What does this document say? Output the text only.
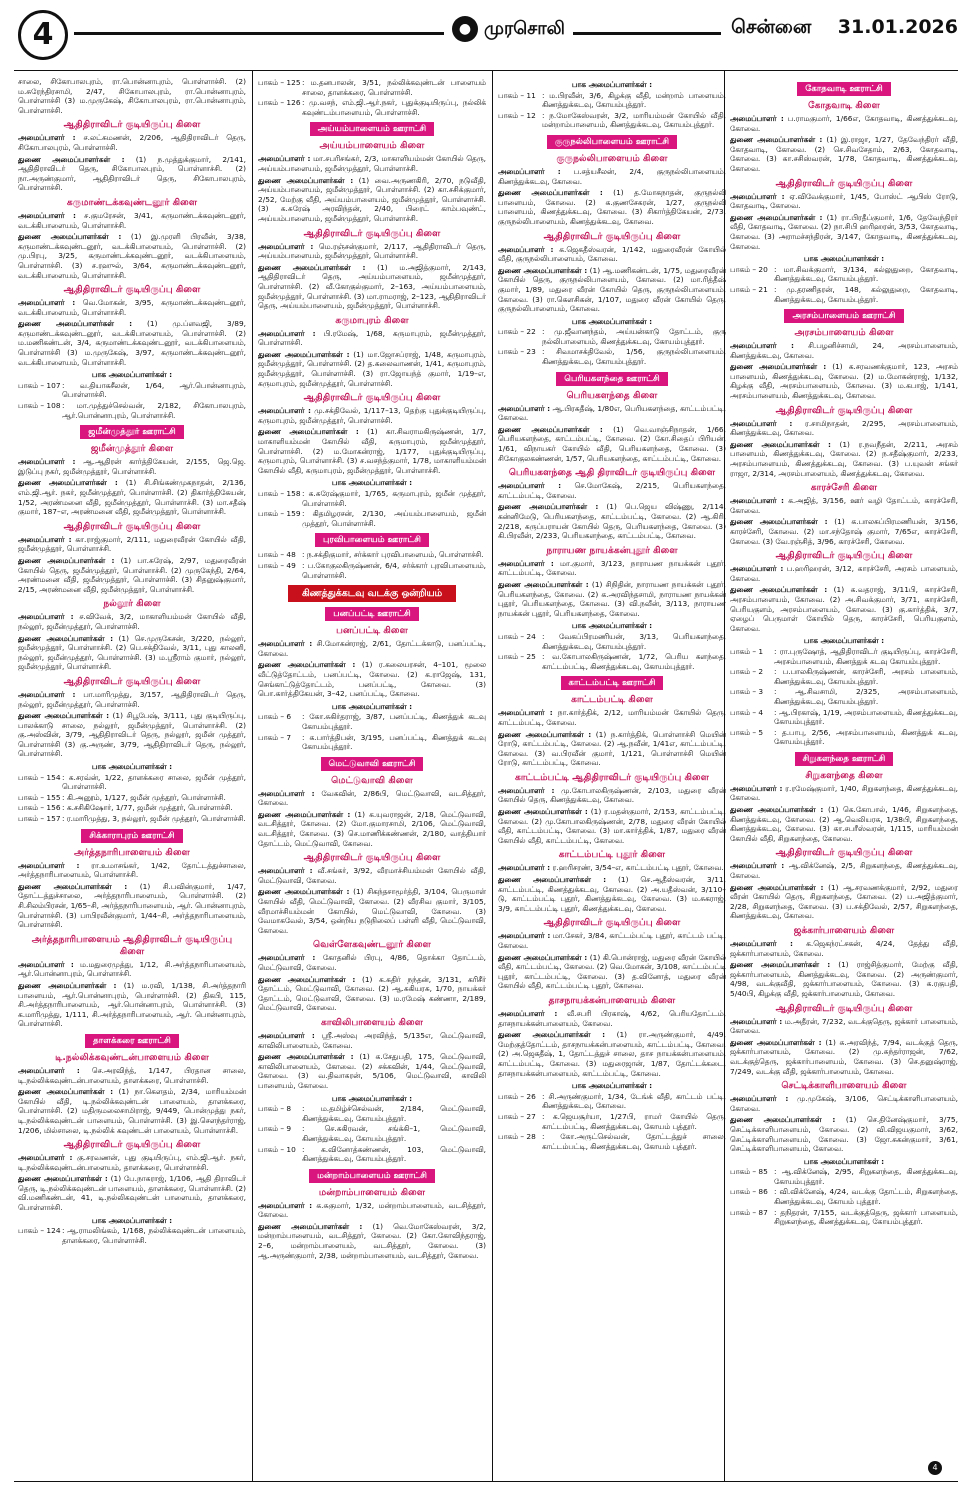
4	● முரசொலி	சென்னை 31.01.2026
சாலை, சிகோபாலபுரம், ரா.பொன்னாபுரம், பொள்ளாச்சி. (2) ம.சுரேந்திரசாமி, 2/47, சிகோபாலபுரம், ரா.பொன்னாபுரம், பொள்ளாச்சி (3) ம.முருகேஷ், சிகோபாலபுரம், ரா.பொன்னாபுரம், பொள்ளாச்சி.
ஆதிதிராவிடர் குடியிருப்பு கிளை
அமைப்பாளர் : ச.லட்சுமணன், 2/206, ஆதிதிராவிடர் தெரு, சிகோபாலபுரம், பொள்ளாச்சி.
துணை அமைப்பாளர்கள் : (1) ந.முத்துக்குமார், 2/141, ஆதிதிராவிடர் தெரு, சிகோபாலபுரம், பொள்ளாச்சி. (2) நா.அருண்குமார், ஆதிதிராவிடர் தெரு, சிகோபாலபுரம், பொள்ளாச்சி.
கருமாண்டக்கவுண்டனூர் கிளை
அமைப்பாளர் : ச.குமரேசன், 3/41, கருமாண்டக்கவுண்டனூர், வடக்கிபாளையம், பொள்ளாச்சி.
துணை அமைப்பாளர்கள் : (1) இ.முரளி பிரவீன், 3/38, கருமாண்டக்கவுண்டனூர், வடக்கிபாளையம், பொள்ளாச்சி. (2) மு.பிரபு, 3/25, கருமாண்டக்கவுண்டனூர், வடக்கிபாளையம், பொள்ளாச்சி. (3) ச.ரஹுல், 3/64, கருமாண்டக்கவுண்டனூர், வடக்கிபாளையம், பொள்ளாச்சி.
ஆதிதிராவிடர் குடியிருப்பு கிளை
அமைப்பாளர் : வெ.மோகன், 3/95, கருமாண்டக்கவுண்டனூர், வடக்கிபாளையம், பொள்ளாச்சி.
துணை அமைப்பாளர்கள் : (1) மு.ப்ளவஜி, 3/89, கருமாண்டக்கவுண்டனூர், வடக்கிபாளையம், பொள்ளாச்சி. (2) ம.மணிகண்டன், 3/4, கருமாண்டக்கவுண்டனூர், வடக்கிபாளையம், பொள்ளாச்சி (3) ம.முருகேஷ், 3/97, கருமாண்டக்கவுண்டனூர், வடக்கிபாளையம், பொள்ளாச்சி.
பாக அமைப்பாளர்கள் :
பாகம் – 107 : வ.தியாகசீலன், 1/64, ஆர்.பொன்னாபுரம், பொள்ளாச்சி.
பாகம் – 108 : மா.முத்துச்செல்வன், 2/182, சிகோபாலபுரம், ஆர்.பொன்னாபுரம், பொள்ளாச்சி.
ஜமீன்முத்தூர் ஊராட்சி
ஜமீன்முத்தூர் கிளை
அமைப்பாளர் : ஆ.ஆதிரன் கார்த்திகேயன், 2/155, ஜெ.ஜெ. இடுப்பு நகர், ஜமீன்முத்தூர், பொள்ளாச்சி.
துணை அமைப்பாளர்கள் : (1) சி.சிங்கண்முகநாதன், 2/136, எம்.ஜி.ஆர். நகர், ஜமீன்முத்தூர், பொள்ளாச்சி. (2) திகார்த்திகேயன், 1/52, அரண்மனை வீதி, ஜமீன்முத்தூர், பொள்ளாச்சி. (3) மா.சதீஷ் குமார், 187–எ, அரண்மனை வீதி, ஜமீன்முத்தூர், பொள்ளாச்சி.
ஆதிதிராவிடர் குடியிருப்பு கிளை
அமைப்பாளர் : கா.ராஜ்குமார், 2/111, மதுரைவீரன் கோயில் வீதி, ஜமீன்முத்தூர், பொள்ளாச்சி.
துணை அமைப்பாளர்கள் : (1) பா.சுரேஷ், 2/97, மதுரைவீரன் கோயில் தெரு, ஜமீன்முத்தூர், பொள்ளாச்சி. (2) முருகேந்தி, 2/64, அரண்மனை வீதி, ஜமீன்முத்தூர், பொள்ளாச்சி. (3) சிதனுஷ்குமார், 2/15, அரண்மனை வீதி, ஜமீன்முத்தூர், பொள்ளாச்சி.
நல்லூர் கிளை
அமைப்பாளர் : ச.விவேக், 3/2, மாகாளியம்மன் கோயில் வீதி, நல்லூர், ஜமீன்முத்தூர், பொள்ளாச்சி.
துணை அமைப்பாளர்கள் : (1) செ.முருகேசன், 3/220, நல்லூர், ஜமீன்முத்தூர், பொள்ளாச்சி. (2) பெ.சக்திவேல், 3/11, புது காலனி, நல்லூர், ஜமீன்முத்தூர், பொள்ளாச்சி. (3) ம.ஸ்ரீராம் குமார், நல்லூர், ஜமீன்முத்தூர், பொள்ளாச்சி.
ஆதிதிராவிடர் குடியிருப்பு கிளை
அமைப்பாளர் : பா.மாரிமுத்து, 3/157, ஆதிதிராவிடர் தெரு, நல்லூர், ஜமீன்முத்தூர், பொள்ளாச்சி.
துணை அமைப்பாளர்கள் : (1) சிபூபேஷ், 3/111, புது குடியிருப்பு, பாலக்காடு சாலை, நல்லூர், ஜமீன்முத்தூர், பொள்ளாச்சி. (2) கு.அஸ்வின், 3/79, ஆதிதிராவிடர் தெரு, நல்லூர், ஜமீன் முத்தூர், பொள்ளாச்சி (3) கு.அருண், 3/79, ஆதிதிராவிடர் தெரு, நல்லூர், பொள்ளாச்சி.
பாக அமைப்பாளர்கள் :
பாகம் – 154 : க.சரவ்ன், 1/22, தாளக்கரை சாலை, ஜமீன் முத்தூர், பொள்ளாச்சி.
பாகம் – 155 : கி.அனூம், 1/127, ஜமீன் முத்தூர், பொள்ளாச்சி.
பாகம் – 156 : க.சசிகிஷோர், 1/77, ஜமீன் முத்தூர், பொள்ளாச்சி.
பாகம் – 157 : ர.மாரிமுத்து, 3, நல்லூர், ஜமீன் முத்தூர், பொள்ளாச்சி.
சிக்காராபுரம் ஊராட்சி
அர்த்தநாரிபாளையம் கிளை
அமைப்பாளர் : ரா.உமாசங்கர், 1/42, தோட்டத்துச்சாலை, அர்த்தநாரிபாளையம், பொள்ளாச்சி.
துணை அமைப்பாளர்கள் : (1) சி.பவின்குமார், 1/47, தோட்டத்துச்சாலை, அர்த்தநாரிபாளையம், பொள்ளாச்சி. (2) சி.சிலம்பிரசன், 1/65–சி, அர்த்தநாரிபாளையம், ஆர். பொன்னாபுரம், பொள்ளாச்சி. (3) பாபிரவீன்குமார், 1/44–சி, அர்த்தநாரிபாளையம், பொள்ளாச்சி.
அர்த்தநாரிபாளையம் ஆதிதிராவிடர் குடியிருப்பு கிளை
அமைப்பாளர் : ம.மதுரைமுத்து, 1/12, சி.அர்த்தநாரிபாளையம், ஆர்.பொன்னாபுரம், பொள்ளாச்சி.
துணை அமைப்பாளர்கள் : (1) ம.ரவி, 1/138, சி.அர்த்தநாரி பாளையம், ஆர்.பொன்னாபுரம், பொள்ளாச்சி. (2) திகபி, 115, சி.அர்த்தநாரிபாளையம், ஆர்.பொன்னாபுரம், பொள்ளாச்சி. (3) க.மாரிமுத்து, 1/111, சி.அர்த்தநாரிபாளையம், ஆர். பொன்னாபுரம், பொள்ளாச்சி.
தாளக்கரை ஊராட்சி
டி.நல்லிக்கவுண்டன்பாளையம் கிளை
அமைப்பாளர் : செ.அரவிந்த், 1/147, பிரதான சாலை, டி.நல்லிக்கவுண்டன்பாளையம், தாளக்கரை, பொள்ளாச்சி.
துணை அமைப்பாளர்கள் : (1) நா.கௌதம், 2/34, மாரியம்மன் கோயில் வீதி, டி.நல்லிக்கவுண்டன் பாளையம், தாளக்கரை, பொள்ளாச்சி. (2) மதிருமலைசாமிராஜ், 9/449, பொன்முத்து நகர், டி.நல்லிக்கவுண்டன் பாளையம், பொள்ளாச்சி. (3) இ.சௌந்தர்ராஜ், 1/206, மில்சாலை, டி.நல்லிக் கவுண்டன் பாளையம், பொள்ளாச்சி.
ஆதிதிராவிடர் குடியிருப்பு கிளை
அமைப்பாளர் : கு.சரவணன், புது குடியிருப்பு, எம்.ஜி.ஆர். நகர், டி.நல்லிக்கவுண்டன்பாளையம், தாளக்கரை, பொள்ளாச்சி.
துணை அமைப்பாளர்கள் : (1) பே.நாகராஜ், 1/106, ஆதி திராவிடர் தெரு, டி.நல்லிக்கவுண்டன் பாளையம், தாளக்கரை, பொள்ளாச்சி. (2) வி.மணிகண்டன், 41, டி.நல்லிகவுண்டன் பாளையம், தாளக்கரை, பொள்ளாச்சி.
பாக அமைப்பாளர்கள் :
பாகம் – 124 : ஆ.ராமலிங்கம், 1/168, நல்லிக்கவுண்டன் பாளையம், தாளக்கரை, பொள்ளாச்சி.
பாகம் – 125 : ம.தனபாலன், 3/51, நல்லிக்கவுண்டன் பாளையம் சாலை, தாளக்கரை, பொள்ளாச்சி.
பாகம் – 126 : மு.வசந், எம்.ஜி.ஆர்.நகர், புதுக்குடியிருப்பு, நல்லிக் கவுண்டம்பாளையம், பொள்ளாச்சி.
அய்யம்பாளையம் ஊராட்சி
அய்யம்பாளையம் கிளை
அமைப்பாளர் : மா.சபரிசங்கர், 2/3, மாகாளியம்மன் கோயில் தெரு, அய்யம்பாளையம், ஜமீன்முத்தூர், பொள்ளாச்சி.
துணை அமைப்பாளர்கள் : (1) வை.அருணகிரி, 2/70, நடுவீதி, அய்யம்பாளையம், ஜமீன்முத்தூர், பொள்ளாச்சி. (2) கா.சசிக்குமார், 2/52, மேற்கு வீதி, அய்யம்பாளையம், ஜமீன்முத்தூர், பொள்ளாச்சி. (3) க.சுரேஷ் அரவிந்தன், 2/40, பிரைட் காம்பவுண்ட், அய்யம்பாளையம், ஜமீன்முத்தூர், பொள்ளாச்சி.
ஆதிதிராவிடர் குடியிருப்பு கிளை
அமைப்பாளர் : மெ.ரஞ்சன்குமார், 2/117, ஆதிதிராவிடர் தெரு, அய்யம்பாளையம், ஜமீன்முத்தூர், பொள்ளாச்சி.
துணை அமைப்பாளர்கள் : (1) ம.அஜித்குமார், 2/143, ஆதிதிராவிடர் தெரு, அய்யம்பாளையம், ஜமீன்முத்தூர், பொள்ளாச்சி. (2) வீ.கோகுல்குமார், 2–163, அய்யம்பாளையம், ஜமீன்முத்தூர், பொள்ளாச்சி. (3) மா.ராமராஜ், 2–123, ஆதிதிராவிடர் தெரு, அய்யம்பாளையம், ஜமீன்முத்தூர், பொள்ளாச்சி.
கருமாபுரம் கிளை
அமைப்பாளர் : பி.ரமேஷ், 1/68, கருமாபுரம், ஜமீன்முத்தூர், பொள்ளாச்சி.
துணை அமைப்பாளர்கள் : (1) மா.ஜோசப்ராஜ், 1/48, கருமாபுரம், ஜமீன்முத்தூர், பொள்ளாச்சி. (2) த.கலைவாணன், 1/41, கருமாபுரம், ஜமீன்முத்தூர், பொள்ளாச்சி. (3) ரா.ஜோயந்த் குமார், 1/19–எ, கருமாபுரம், ஜமீன்முத்தூர், பொள்ளாச்சி.
ஆதிதிராவிடர் குடியிருப்பு கிளை
அமைப்பாளர் : மு.சக்திவேல், 1/117–13, தெற்கு புதுக்குடியிருப்பு, கருமாபுரம், ஜமீன்முத்தூர், பொள்ளாச்சி.
துணை அமைப்பாளர்கள் : (1) கா.சிவராமகிருஷ்ணன், 1/7, மாகாளியம்மன் கோயில் வீதி, கருமாபுரம், ஜமீன்முத்தூர், பொள்ளாச்சி. (2) ம.மோகன்ராஜ், 1/177, புதுக்குடியிருப்பு, கருமாபுரம், பொள்ளாச்சி. (3) ச.வசந்த்குமார், 1/78, மாகாளியம்மன் கோயில் வீதி, கருமாபுரம், ஜமீன்முத்தூர், பொள்ளாச்சி.
பாக அமைப்பாளர்கள் :
பாகம் – 158 : க.சுரேஷ்குமார், 1/765, கருமாபுரம், ஜமீன் முத்தூர், பொள்ளாச்சி.
பாகம் – 159 : கிதமிழரசன், 2/130, அய்யம்பாளையம், ஜமீன் முத்தூர், பொள்ளாச்சி.
புரவிபாளையம் ஊராட்சி
பாகம் – 48 : ந.சக்திகுமார், சர்க்கார் புரவிபாளையம், பொள்ளாச்சி.
பாகம் – 49 : ப.கோகுலகிருஷ்ணன், 6/4, சர்க்கார் புரவிபாளையம், பொள்ளாச்சி.
கிணத்துக்கடவு வடக்கு ஒன்றியம்
பனப்பட்டி ஊராட்சி
பனப்பட்டி கிளை
அமைப்பாளர் : சி.மோகன்ராஜ், 2/61, தோட்டக்காடு, பனப்பட்டி, கோவை.
துணை அமைப்பாளர்கள் : (1) ர.கலையரசன், 4–101, மூலை வீட்டுத்தோட்டம், பனப்பட்டி, கோவை. (2) க.ராஜேஷ், 131, செங்காட்டுத்தோட்டம், பனப்பட்டி, கோவை. (3) பொ.கார்த்திகேயன், 3–42, பனப்பட்டி, கோவை.
பாக அமைப்பாளர்கள் :
பாகம் – 6	: கோ.சுகிர்தராஜ், 3/87, பனப்பட்டி, கிணத்துக் கடவு கோயம்புத்தூர்.
பாகம் – 7	: க.பார்த்திபன், 3/195, பனப்பட்டி, கிணத்துக் கடவு கோயம்புத்தூர்.
மெட்டுவாவி ஊராட்சி
மெட்டுவாவி கிளை
அமைப்பாளர் : வேகவின், 2/86பி, மெட்டுவாவி, வடசித்தூர், கோவை.
துணை அமைப்பாளர்கள் : (1) க.யுவராஜன், 2/18, மெட்டுவாவி, வடசித்தூர், கோவை. (2) மோ.குமாரசாமி, 2/106, மெட்டுவாவி, வடசித்தூர், கோவை. (3) செ.மாணிக்கண்ணன், 2/180, வாத்தியார் தோட்டம், மெட்டுவாவி, கோவை.
ஆதிதிராவிடர் குடியிருப்பு கிளை
அமைப்பாளர் : வீ.சங்கர், 3/92, வீரமாச்சியம்மன் கோயில் வீதி, மெட்டுவாவி, கோவை.
துணை அமைப்பாளர்கள் : (1) சிகந்தசாமூர்த்தி, 3/104, பெருமாள் கோயில் வீதி, மெட்டுவாவி, கோவை. (2) வீரசிவ குமார், 3/105, வீரமாச்சியம்மன் கோயில், மெட்டுவாவி, கோவை. (3) வேமாகவேல், 3/54, ஒன்றிய நடுநிலைப் பள்ளி வீதி, மெட்டுவாவி, கோவை.
வெள்ளேகவுண்டனூர் கிளை
அமைப்பாளர் : கோதனில் பிரபு, 4/86, தொக்கா தோட்டம், மெட்டுவாவி, கோவை.
துணை அமைப்பாளர்கள் : (1) க.கதிர் நந்தன், 3/131, கரிசீர் தோட்டம், மெட்டுவாவி, கோவை. (2) ஆ.சுகியரசு, 1/70, நாயக்கர் தோட்டம், மெட்டுவாவி, கோவை. (3) ம.ரமேஷ் கண்ணா, 2/189, மெட்டுவாவி, கோவை.
காவிலிபாளையம் கிளை
அமைப்பாளர் : ஸ்ரீ.அஸ்வு அரவிந்த், 5/135எ, மெட்டுவாவி, காவிலிபாளையம், கோவை.
துணை அமைப்பாளர்கள் : (1) க.சேதுபதி, 175, மெட்டுவாவி, காவிலிபாளையம், கோவை. (2) சக்கவின், 1/44, மெட்டுவாவி, கோவை. (3) வ.திவாகரன், 5/106, மெட்டுவாவி, காவிலி பாளையம், கோவை.
பாக அமைப்பாளர்கள் :
பாகம் – 8	: ம.தமிழ்ச்செல்வன், 2/184, மெட்டுவாவி, கிணத்துக்கடவு, கோயம்புத்தூர்.
பாகம் – 9	: செ.சுகிரவன், சங்க்கி–1, மெட்டுவாவி, கிணத்துக்கடவு, கோயம்புத்தூர்.
பாகம் – 10 : க.வினோத்கண்ணன், 103, மெட்டுவாவி, கிணத்துக்கடவு, கோயம்புத்தூர்.
மன்றாம்பாளையம் ஊராட்சி
மன்றாம்பாளையம் கிளை
அமைப்பாளர் : க.சுகுமார், 1/32, மன்றாம்பாளையம், வடசித்தூர், கோவை.
துணை அமைப்பாளர்கள் : (1) வெ.மோகேஸ்வரன், 3/2, மன்றாம்பாளையம், வடசித்தூர், கோவை. (2) கோ.கோவிந்தராஜ், 2–6, மன்றாம்பாளையம், வடசித்தூர், கோவை. (3) ஆ.அருண்குமார், 2/38, மன்றாம்பாளையம், வடசித்தூர், கோவை.
பாக அமைப்பாளர்கள் :
பாகம் – 11 : ம.பிரவீன், 3/6, கிழக்கு வீதி, மன்றாம் பாளையம், கிணத்துக்கடவு, கோயம்புத்தூர்.
பாகம் – 12 : ந.மோகேஸ்வரன், 3/2, மாரியம்மன் கோயில் வீதி, மன்றாம்பாளையம், கிணத்துக்கடவு, கோயம்புத்தூர்.
குருநல்லிபாளையம் ஊராட்சி
குருநல்லிபாளையம் கிளை
அமைப்பாளர் : ப.சத்யசீலன், 2/4, குருநல்லிபாளையம், கிணத்துக்கடவு, கோவை.
துணை அமைப்பாளர்கள் : (1) த.மோகநாதன், குருநல்லி பாளையம், கோவை. (2) க.குணசேகரன், 1/27, குருநல்லி பாளையம், கிணத்துக்கடவு, கோவை. (3) சிகார்த்திகேயன், 2/73, குருநல்லிபாளையம், கிணத்துக்கடவு, கோவை.
ஆதிதிராவிடர் குடியிருப்பு கிளை
அமைப்பாளர் : க.ஜெகதீஸ்வரன், 1/142, மதுரைவீரன் கோயில் வீதி, குருநல்லிபாளையம், கோவை.
துணை அமைப்பாளர்கள் : (1) ஆ.மணிகண்டன், 1/75, மதுரைவீரன் கோயில் தெரு, குருநல்லிபாளையம், கோவை. (2) மா.ரித்தீஷ் குமார், 1/89, மதுரை வீரன் கோயில் தெரு, குருநல்லிபாளையம், கோவை. (3) ரா.கௌசிகன், 1/107, மதுரை வீரன் கோயில் தெரு, குருநல்லிபாளையம், கோவை.
பாக அமைப்பாளர்கள் :
பாகம் – 22 : மு.ஜீவானந்தம், அய்யன்காடு தோட்டம், குரு நல்லிபாளையம், கிணத்துக்கடவு, கோயம்புத்தூர்.
பாகம் – 23 : சிவமாசக்திவேல், 1/56, குருநல்லிபாளையம், கிணத்துக்கடவு, கோயம்புத்தூர்.
பெரியகளந்தை ஊராட்சி
பெரியகளந்தை கிளை
அமைப்பாளர் : ஆ.பிரகதீஷ், 1/80எ, பெரியகளந்தை, காட்டம்பட்டி, கோவை.
துணை அமைப்பாளர்கள் : (1) வெ.வாஞ்சிநாதன், 1/66, பெரியகளந்தை, காட்டம்பட்டி, கோவை. (2) கோ.சிதைப் பிரியன், 1/61, விநாயகர் கோயில் வீதி, பெரியகளந்தை, கோவை. (3) சிகோகுலகண்ணன், 1/57, பெரியகளந்தை, காட்டம்பட்டி, கோவை.
பெரியகளந்தை ஆதி திராவிடர் குடியிருப்பு கிளை
அமைப்பாளர் : செ.மோகேஷ், 2/215, பெரியகளந்தை, காட்டம்பட்டி, கோவை.
துணை அமைப்பாளர்கள் : (1) பெ.ஜெய விஷ்ணு, 2/114, கன்னிமேடு, பெரியகளந்தை, காட்டம்பட்டி, கோவை. (2) ஆ.கிரி, 2/218, கருப்பராயன் கோயில் தெரு, பெரியகளந்தை, கோவை. (3) கி.பிரவீன், 2/233, பெரியகளந்தை, காட்டம்பட்டி, கோவை.
நாராயண நாயக்கன்புதூர் கிளை
அமைப்பாளர் : மா.குமார், 3/123, நாராயண நாயக்கன் புதூர், காட்டம்பட்டி, கோவை.
துணை அமைப்பாளர்கள் : (1) சிநிதின், நாராயண நாயக்கன் புதூர், பெரியகளந்தை, கோவை. (2) க.அரவிந்தசாமி, நாராயண நாயக்கன் புதூர், பெரியகளந்தை, கோவை. (3) வி.நவீன், 3/113, நாராயண நாயக்கன் புதூர், பெரியகளந்தை, கோவை.
பாக அமைப்பாளர்கள் :
பாகம் – 24 : வேகப்பிரமணியன், 3/13, பெரியகளந்தை, கிணத்துக்கடவு, கோயம்புத்தூர்.
பாகம் – 25 : வ.கோபாலகிருஷ்ணன், 1/72, பெரிய களந்தை, காட்டம்பட்டி, கிணத்துக்கடவு, கோயம்புத்தூர்.
காட்டம்பட்டி ஊராட்சி
காட்டம்பட்டி கிளை
அமைப்பாளர் : நா.கார்த்திக், 2/12, மாரியம்மன் கோயில் தெரு, காட்டம்பட்டி, கோவை.
துணை அமைப்பாளர்கள் : (1) ந.கார்த்திக், பொள்ளாச்சி மெயின் ரோடு, காட்டம்பட்டி, கோவை. (2) ஆ.நவீன், 1/41எ, காட்டம்பட்டி, கோவை. (3) வ.பிரவீன் குமார், 1/121, பொள்ளாச்சி மெயின் ரோடு, காட்டம்பட்டி, கோவை.
காட்டம்பட்டி ஆதிதிராவிடர் குடியிருப்பு கிளை
அமைப்பாளர் : மு.கோபாலகிருஷ்ணன், 2/103, மதுரை வீரன் கோயில் தெரு, கிணத்துக்கடவு, கோவை.
துணை அமைப்பாளர்கள் : (1) ர.மதன்குமார், 2/153, காட்டம்பட்டி, கோவை. (2) மு.கோபாலகிருஷ்ணன், 2/78, மதுரை வீரன் கோயில் வீதி, காட்டம்பட்டி, கோவை. (3) மா.கார்த்திக், 1/87, மதுரை வீரன் கோயில் வீதி, காட்டம்பட்டி, கோவை.
காட்டம்பட்டி புதூர் கிளை
அமைப்பாளர் : ர.ஹரிசரண், 3/54–எ, காட்டம்பட்டி புதூர், கோவை.
துணை அமைப்பாளர்கள் : (1) செ.ஆதீஸ்வரன், 3/11, காட்டம்பட்டி, கிணத்துக்கடவு, கோவை. (2) அ.யதீஸ்வன், 3/110–டு, காட்டம்பட்டி புதூர், கிணத்துக்கடவு, கோவை. (3) ம.சுகராஜ், 3/9, காட்டம்பட்டி புதூர், கிணத்துக்கடவு, கோவை.
ஆதிதிராவிடர் குடியிருப்பு கிளை
அமைப்பாளர் : மா.சேகர், 3/84, காட்டம்பட்டி புதூர், காட்டம் பட்டி, கோவை.
துணை அமைப்பாளர்கள் : (1) கி.பொன்ராஜ், மதுரை வீரன் கோயில் வீதி, காட்டம்பட்டி, கோவை. (2) வெ.மோகன், 3/108, காட்டம்பட்டி புதூர், காட்டம்பட்டி, கோவை. (3) த.வினோத், மதுரை வீரன் கோயில் வீதி, காட்டம்பட்டி புதூர், கோவை.
தாசநாயக்கன்பாளையம் கிளை
அமைப்பாளர் : வீ.சபரி பிரகாஷ், 4/62, பெரியதோட்டம், தாசநாயக்கன்பாளையம், கோவை.
துணை அமைப்பாளர்கள் : (1) ரா.அருண்குமார், 4/49, மேற்குத்தோட்டம், தாசநாயக்கன்பாளையம், காட்டம்பட்டி, கோவை. (2) அ.ஜெகதீஷ், 1, தோட்டத்துச் சாலை, தாச நாயக்கன்பாளையம், காட்டம்பட்டி, கோவை. (3) மதுரைஜான், 1/87, தோட்டக்கடை, தாசநாயக்கன்பாளையம், காட்டம்பட்டி, கோவை.
பாக அமைப்பாளர்கள் :
பாகம் – 26 : சி.அருண்குமார், 1/34, டேங்க் வீதி, காட்டம் பட்டி, கிணத்துக்கடவு, கோவை.
பாகம் – 27 : க.ஜெயசூர்யா, 1/27பி, ராமர் கோயில் தெரு, காட்டம்பட்டி, கிணத்துக்கடவு, கோயம் புத்தூர்.
பாகம் – 28 : கோ.அருட்செல்வன், தோட்டத்துச் சாலை, காட்டம்பட்டி, கிணத்துக்கடவு, கோயம் புத்தூர்.
கோதவாடி ஊராட்சி
கோதவாடி கிளை
அமைப்பாளர் : ப.ராமகுமார், 1/66எ, கோதவாடி, கிணத்துக்கடவு, கோவை.
துணை அமைப்பாளர்கள் : (1) இ.ராஜா, 1/27, தேவேந்திரர் வீதி, கோதவாடி, கோவை. (2) செ.சிவசேதாம், 2/63, கோதவாடி, கோவை. (3) கா.சசிஸ்வரன், 1/78, கோதவாடி, கிணத்துக்கடவு, கோவை.
ஆதிதிராவிடர் குடியிருப்பு கிளை
அமைப்பாளர் : ஏ.விவேக்குமார், 1/45, போஸ்ட் ஆபிஸ் ரோடு, கோதவாடி, கோவை.
துணை அமைப்பாளர்கள் : (1) ரா.பிரதீப்குமார், 1/6, தேவேந்திரர் வீதி, கோதவாடி, கோவை. (2) நா.சிபி ஹரிஹரன், 3/53, கோதவாடி, கோவை. (3) அராமச்சந்திரன், 3/147, கோதவாடி, கிணத்துக்கடவு, கோவை.
பாக அமைப்பாளர்கள் :
பாகம் – 20 : மா.சிவக்குமார், 3/134, கல்லுதுறை, கோதவாடி, கிணத்துக்கடவு, கோயம்புத்தூர்.
பாகம் – 21 : மு.தரணிதரன், 148, கல்லுதுறை, கோதவாடி, கிணத்துக்கடவு, கோயம்புத்தூர்.
அரசம்பாளையம் ஊராட்சி
அரசம்பாளையம் கிளை
அமைப்பாளர் : சி.பழனிச்சாமி, 24, அரசம்பாளையம், கிணத்துக்கடவு, கோவை.
துணை அமைப்பாளர்கள் : (1) க.சரவணக்குமார், 123, அரசம் பாளையம், கிணத்துக்கடவு, கோவை. (2) ம.மோகன்ராஜ், 1/132, கிழக்கு வீதி, அரசம்பாளையம், கோவை. (3) ம.கபாஜ், 1/141, அரசம்பாளையம், கிணத்துக்கடவு, கோவை.
ஆதிதிராவிடர் குடியிருப்பு கிளை
அமைப்பாளர் : ர.சாமிநாதன், 2/295, அரசம்பாளையம், கிணத்துக்கடவு, கோவை.
துணை அமைப்பாளர்கள் : (1) ர.நவநீதன், 2/211, அரசம் பாளையம், கிணத்துக்கடவு, கோவை. (2) ந.சதீஷ்குமார், 2/233, அரசம்பாளையம், கிணத்துக்கடவு, கோவை. (3) ப.யுவன் சங்கர் ராஜா, 2/314, அரசம்பாளையம், கிணத்துக்கடவு, கோவை.
காரச்சேரி கிளை
அமைப்பாளர் : க.அஜித், 3/156, ஊர் வழி தோட்டம், காரச்சேரி, கோவை.
துணை அமைப்பாளர்கள் : (1) க.பாலசுப்பிரமணியன், 3/156, காரச்சேரி, கோவை. (2) மா.சந்தோஷ் குமார், 7/65எ, காரச்சேரி, கோவை. (3) வே.ரஞ்சித், 3/96, காரச்சேரி, கோவை.
ஆதிதிராவிடர் குடியிருப்பு கிளை
அமைப்பாளர் : ப.ஹரிஹரன், 3/12, காரச்சேரி, அரசம் பாளையம், கோவை.
துணை அமைப்பாளர்கள் : (1) க.வதராஜ், 3/11பி, காரச்சேரி, அரசம்பாளையம், கோவை. (2) அ.சிவக்குமார், 3/71, காரச்சேரி, பெரியகுளம், அரசம்பாளையம், கோவை. (3) கு.கார்த்திக், 3/7, ஏழைப் பெருமாள் கோயில் தெரு, காரச்சேரி, பெரியகுளம், கோவை.
பாக அமைப்பாளர்கள் :
பாகம் – 1	: ரா.புருஷோத், ஆதிதிராவிடர் குடியிருப்பு, காரச்சேரி, அரசம்பாளையம், கிணத்துக் கடவு கோயம்புத்தூர்.
பாகம் – 2	: ப.பாலகிருஷ்ணன், காரச்சேரி, அரசம் பாளையம், கிணத்துக்கடவு, கோயம்புத்தூர்.
பாகம் – 3	: ஆ.சிவசாமி, 2/325, அரசம்பாளையம், கிணத்துக்கடவு, கோயம்புத்தூர்.
பாகம் – 4	: ஆ.பிரகாஷ், 1/19, அரசம்பாளையம், கிணத்துக்கடவு, கோயம்புத்தூர்.
பாகம் – 5	: த.பாபு, 2/56, அரசம்பாளையம், கிணத்துக் கடவு, கோயம்புத்தூர்.
சிறுகளந்தை ஊராட்சி
சிறுகளந்தை கிளை
அமைப்பாளர் : ர.ரமேஷ்குமார், 1/40, சிறுகளந்தை, கிணத்துக்கடவு, கோவை.
துணை அமைப்பாளர்கள் : (1) கெ.கோபால், 1/46, சிறுகளந்தை, கிணத்துக்கடவு, கோவை. (2) ஆ.வெலியரசு, 1/38பி, சிறுகளந்தை, கிணத்துக்கடவு, கோவை. (3) கா.சபரீஸ்வரன், 1/115, மாரியம்மன் கோயில் வீதி, சிறுகளந்தை, கோவை.
ஆதிதிராவிடர் குடியிருப்பு கிளை
அமைப்பாளர் : ஆ.விக்னேஷ், 2/5, சிறுகளந்தை, கிணத்துக்கடவு, கோவை.
துணை அமைப்பாளர்கள் : (1) ஆ.சரவணக்குமார், 2/92, மதுரை வீரன் கோயில் தெரு, சிறுகளந்தை, கோவை. (2) ப.அஜித்குமார், 2/28, சிறுகளந்தை, கோவை. (3) ப.சக்திவேல், 2/57, சிறுகளந்தை, கிணத்துக்கடவு, கோவை.
ஜக்கார்பாளையம் கிளை
அமைப்பாளர் : க.ஜெகந்ரட்சகன், 4/24, தேத்து வீதி, ஜக்கார்பாளையம், கோவை.
துணை அமைப்பாளர்கள் : (1) ராஜ்சித்குமார், மேற்கு வீதி, ஜக்கார்பாளையம், கிணத்துக்கடவு, கோவை. (2) அருண்குமார், 4/98, வடக்குவீதி, ஜக்கார்பாளையம், கோவை. (3) க.ரகுபதி, 5/40பி, கிழக்கு வீதி, ஜக்கார்பாளையம், கோவை.
ஆதிதிராவிடர் குடியிருப்பு கிளை
அமைப்பாளர் : ம.அதீரன், 7/232, வடக்குதெரு, ஜக்கார் பாளையம், கோவை.
துணை அமைப்பாளர்கள் : (1) சு.அரவிந்த், 7/94, வடக்குத் தெரு, ஜக்கார்பாளையம், கோவை. (2) மு.சுந்தர்ராஜன், 7/62, வடக்குத்தெரு, ஜக்கார்பாளையம், கோவை. (3) செ.தனுஷ்ராஜ், 7/249, வடக்கு வீதி, ஜக்கார்பாளையம், கோவை.
செட்டிக்காளிபாளையம் கிளை
அமைப்பாளர் : மு.முகேஷ், 3/106, செட்டிக்காளிபாளையம், கோவை.
துணை அமைப்பாளர்கள் : (1) செ.தினேஷ்குமார், 3/75, செட்டிக்காளிபாளையம், கோவை. (2) வி.விஜயகுமார், 3/62, செட்டிக்காளிபாளையம், கோவை. (3) ஜோ.சுகன்குமார், 3/61, செட்டிக்காளிபாளையம், கோவை.
பாக அமைப்பாளர்கள் :
பாகம் – 85 : ஆ.விக்னேஷ், 2/95, சிறுகளந்தை, கிணத்துக்கடவு, கோயம்புத்தூர்.
பாகம் – 86 : வி.விக்னேஷ், 4/24, வடக்கு தோட்டம், சிறுகளந்தை, கிணத்துக்கடவு, கோயம் புத்தூர்.
பாகம் – 87 : தநிதரன், 7/155, வடக்குத்தெரு, ஜக்கார் பாளையம், சிறுகளந்தை, கிணத்துக்கடவு, கோயம்புத்தூர்.
4
